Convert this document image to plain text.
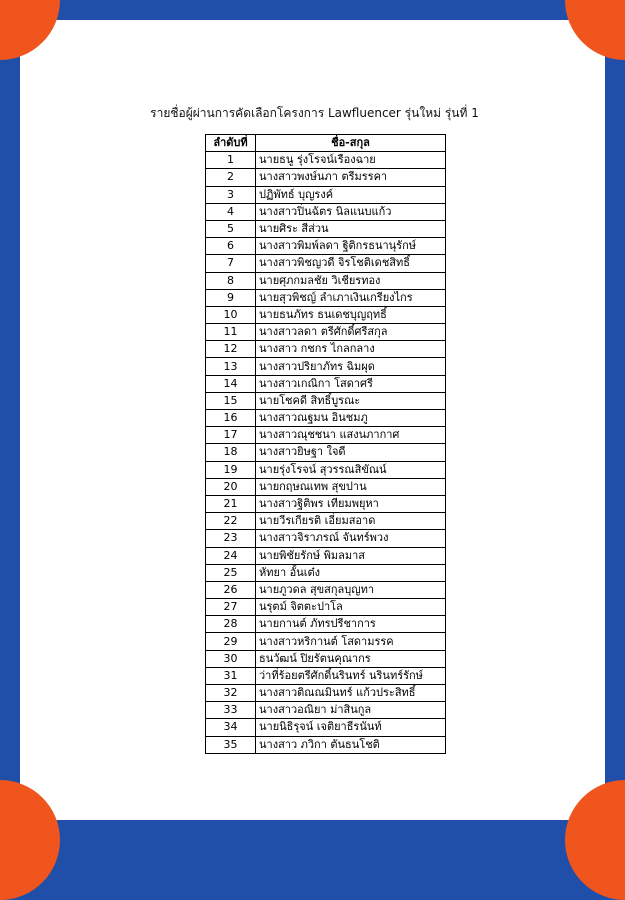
รายชื่อผู้ผ่านการคัดเลือกโครงการ Lawfluencer รุ่นใหม่ รุ่นที่ 1
ลำดับที่	ชื่อ-สกุล
1	นายธนู รุ่งโรจน์เรืองฉาย
2	นางสาวพงษ์นภา ตรีมรรคา
3	ปฏิพัทธ์ บุญรงค์
4	นางสาวปิ่นฉัตร นิลแนบแก้ว
5	นายศิระ สีส่วน
6	นางสาวพิมพ์ลดา ฐิติกรธนานุรักษ์
7	นางสาวพิชญวดี จิรโชติเดชสิทธิ์
8	นายศุภกมลชัย วิเชียรทอง
9	นายสุวพิชญ์ ลำเภาเงินเกรียงไกร
10	นายธนภัทร ธนเดชบุญฤทธิ์
11	นางสาวลดา ตรีศักดิ์ศรีสกุล
12	นางสาว กชกร ไกลกลาง
13	นางสาวปริยาภัทร ฉิมผุด
14	นางสาวเกณิกา โสดาศรี
15	นายโชคดี สิทธิ์บูรณะ
16	นางสาวณฐมน อินชมภู
17	นางสาวณุชชนา แสงนภากาศ
18	นางสาวยิษฐา ใจดี
19	นายรุ่งโรจน์ สุวรรณสิขัณน์
20	นายกฤษณเทพ สุขปาน
21	นางสาวฐิติพร เทียมพยุหา
22	นายวีรเกียรติ เอี่ยมสอาด
23	นางสาวจิราภรณ์ จันทร์พวง
24	นายพิชัยรักษ์ พิมลมาส
25	หัทยา อั้นเต๋ง
26	นายภูวดล สุขสกุลบุญทา
27	นรุตม์ จิตตะปาโล
28	นายกานต์ ภัทรปรีชาการ
29	นางสาวหริกานต์ โสดามรรค
30	ธนวัฒน์ ปิยรัตนคุณากร
31	ว่าที่ร้อยตรีศักดิ์นรินทร์ นรินทร์รักษ์
32	นางสาวติณณมินทร์ แก้วประสิทธิ์
33	นางสาวอณิยา ม่าสินกูล
34	นายนิธิรุจน์ เจติยาธีรนันท์
35	นางสาว ภวิกา ตันธนโชติ
